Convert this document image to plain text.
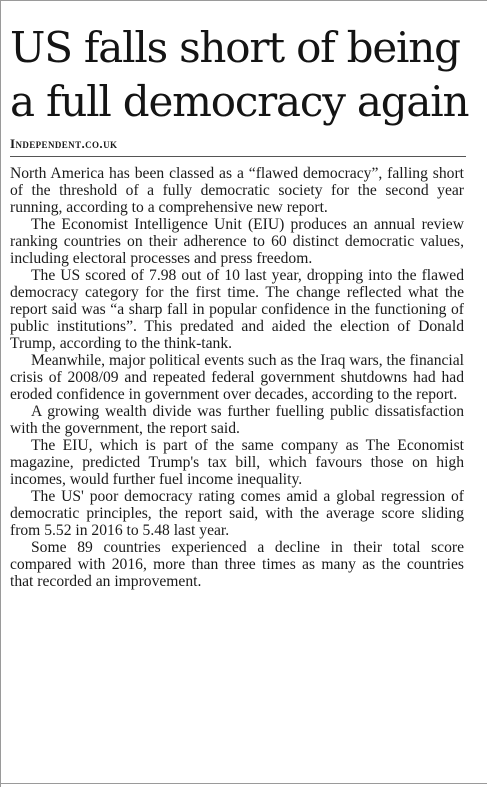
US falls short of being
a full democracy again
Independent.co.uk

North America has been classed as a “flawed democracy”, falling short of the threshold of a fully democratic society for the second year running, according to a comprehensive new report.

The Economist Intelligence Unit (EIU) produces an annual review ranking countries on their adherence to 60 distinct democratic values, including electoral processes and press freedom.

The US scored of 7.98 out of 10 last year, dropping into the flawed democracy category for the first time. The change reflected what the report said was “a sharp fall in popular confidence in the functioning of public institutions”. This predated and aided the election of Donald Trump, according to the think-tank.

Meanwhile, major political events such as the Iraq wars, the financial crisis of 2008/09 and repeated federal government shutdowns had had eroded confidence in government over decades, according to the report.

A growing wealth divide was further fuelling public dissatisfaction with the government, the report said.

The EIU, which is part of the same company as The Economist magazine, predicted Trump's tax bill, which favours those on high incomes, would further fuel income inequality.

The US' poor democracy rating comes amid a global regression of democratic principles, the report said, with the average score sliding from 5.52 in 2016 to 5.48 last year.

Some 89 countries experienced a decline in their total score compared with 2016, more than three times as many as the countries that recorded an improvement.
